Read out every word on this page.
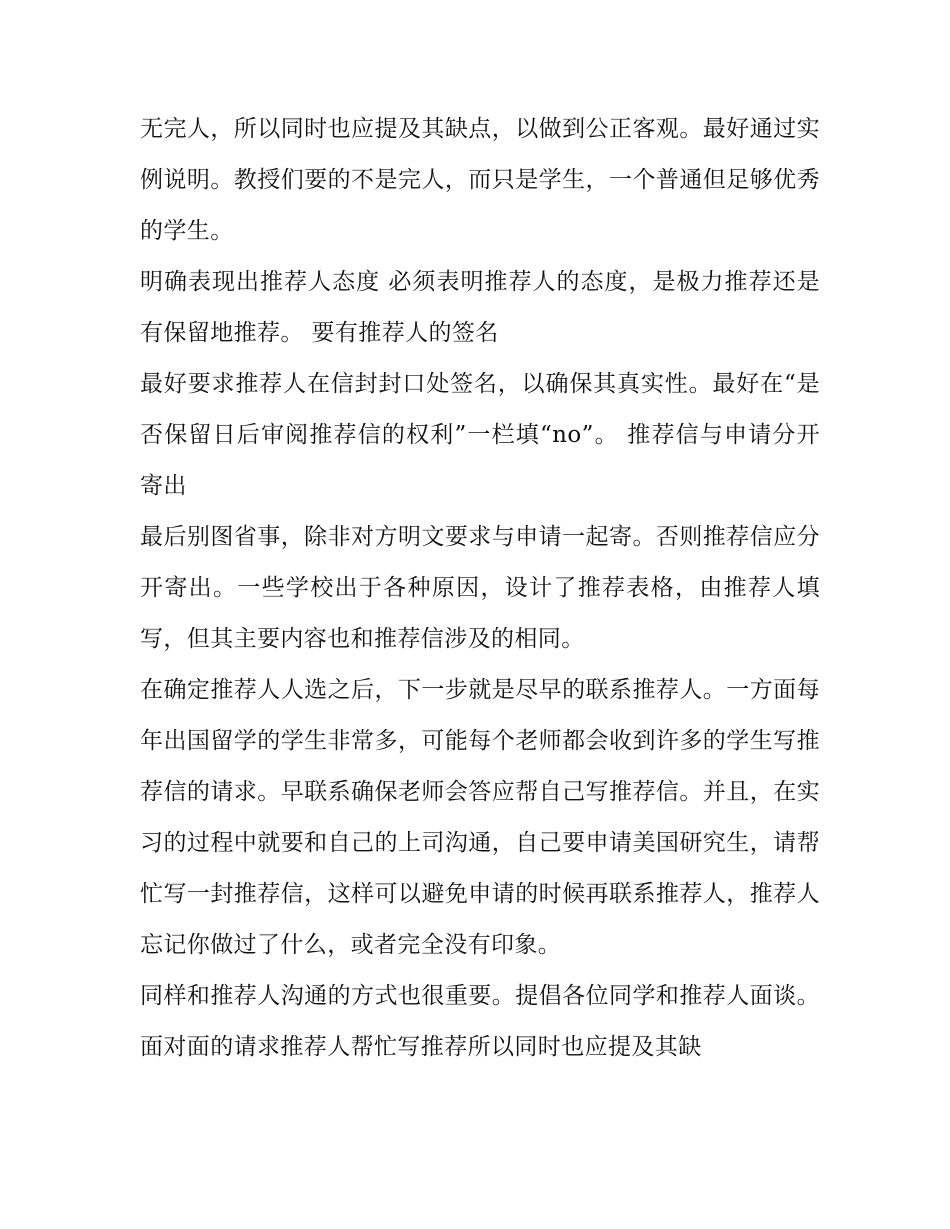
无完人，所以同时也应提及其缺点，以做到公正客观。最好通过实例说明。教授们要的不是完人，而只是学生，一个普通但足够优秀的学生。

明确表现出推荐人态度 必须表明推荐人的态度，是极力推荐还是有保留地推荐。 要有推荐人的签名

最好要求推荐人在信封封口处签名，以确保其真实性。最好在“是否保留日后审阅推荐信的权利”一栏填“no”。 推荐信与申请分开寄出

最后别图省事，除非对方明文要求与申请一起寄。否则推荐信应分开寄出。一些学校出于各种原因，设计了推荐表格，由推荐人填写，但其主要内容也和推荐信涉及的相同。

在确定推荐人人选之后，下一步就是尽早的联系推荐人。一方面每年出国留学的学生非常多，可能每个老师都会收到许多的学生写推荐信的请求。早联系确保老师会答应帮自己写推荐信。并且，在实习的过程中就要和自己的上司沟通，自己要申请美国研究生，请帮忙写一封推荐信，这样可以避免申请的时候再联系推荐人，推荐人忘记你做过了什么，或者完全没有印象。

同样和推荐人沟通的方式也很重要。提倡各位同学和推荐人面谈。面对面的请求推荐人帮忙写推荐所以同时也应提及其缺
